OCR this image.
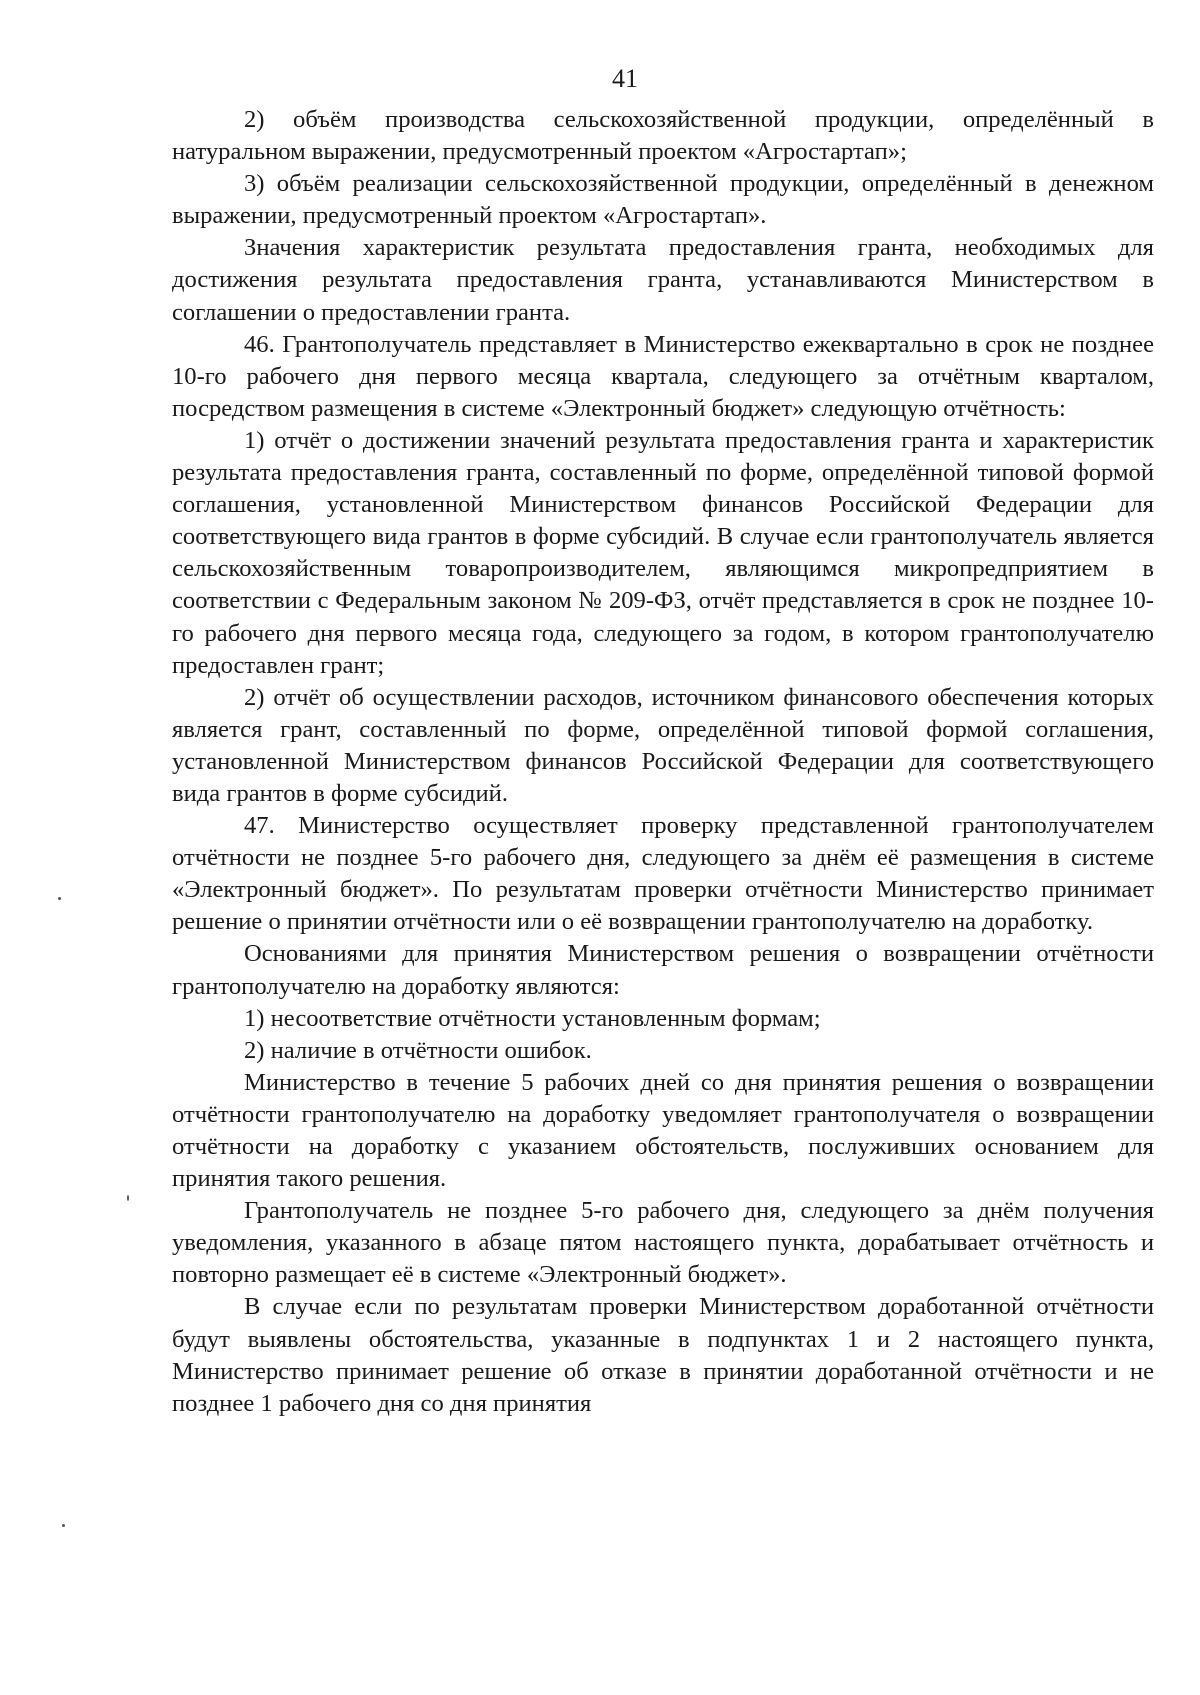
41

2) объём производства сельскохозяйственной продукции, определённый в натуральном выражении, предусмотренный проектом «Агростартап»;

3) объём реализации сельскохозяйственной продукции, определённый в денежном выражении, предусмотренный проектом «Агростартап».

Значения характеристик результата предоставления гранта, необходимых для достижения результата предоставления гранта, устанавливаются Министерством в соглашении о предоставлении гранта.

46. Грантополучатель представляет в Министерство ежеквартально в срок не позднее 10-го рабочего дня первого месяца квартала, следующего за отчётным кварталом, посредством размещения в системе «Электронный бюджет» следующую отчётность:

1) отчёт о достижении значений результата предоставления гранта и характеристик результата предоставления гранта, составленный по форме, определённой типовой формой соглашения, установленной Министерством финансов Российской Федерации для соответствующего вида грантов в форме субсидий. В случае если грантополучатель является сельскохозяйственным товаропроизводителем, являющимся микропредприятием в соответствии с Федеральным законом № 209-ФЗ, отчёт представляется в срок не позднее 10-го рабочего дня первого месяца года, следующего за годом, в котором грантополучателю предоставлен грант;

2) отчёт об осуществлении расходов, источником финансового обеспечения которых является грант, составленный по форме, определённой типовой формой соглашения, установленной Министерством финансов Российской Федерации для соответствующего вида грантов в форме субсидий.

47. Министерство осуществляет проверку представленной грантополучателем отчётности не позднее 5-го рабочего дня, следующего за днём её размещения в системе «Электронный бюджет». По результатам проверки отчётности Министерство принимает решение о принятии отчётности или о её возвращении грантополучателю на доработку.

Основаниями для принятия Министерством решения о возвращении отчётности грантополучателю на доработку являются:

1) несоответствие отчётности установленным формам;

2) наличие в отчётности ошибок.

Министерство в течение 5 рабочих дней со дня принятия решения о возвращении отчётности грантополучателю на доработку уведомляет грантополучателя о возвращении отчётности на доработку с указанием обстоятельств, послуживших основанием для принятия такого решения.

Грантополучатель не позднее 5-го рабочего дня, следующего за днём получения уведомления, указанного в абзаце пятом настоящего пункта, дорабатывает отчётность и повторно размещает её в системе «Электронный бюджет».

В случае если по результатам проверки Министерством доработанной отчётности будут выявлены обстоятельства, указанные в подпунктах 1 и 2 настоящего пункта, Министерство принимает решение об отказе в принятии доработанной отчётности и не позднее 1 рабочего дня со дня принятия
